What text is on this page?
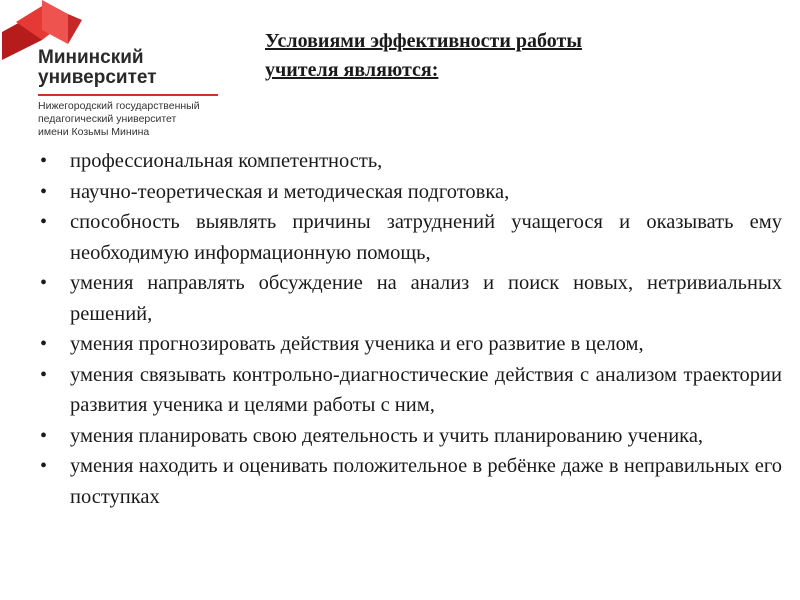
Мининский
университет
Нижегородский государственный
педагогический университет
имени Козьмы Минина
Условиями эффективности работы
учителя являются:
• профессиональная компетентность,
• научно-теоретическая и методическая подготовка,
• способность выявлять причины затруднений учащегося и оказывать ему необходимую информационную помощь,
• умения направлять обсуждение на анализ и поиск новых, нетривиальных решений,
• умения прогнозировать действия ученика и его развитие в целом,
• умения связывать контрольно-диагностические действия с анализом траектории развития ученика и целями работы с ним,
• умения планировать свою деятельность и учить планированию ученика,
• умения находить и оценивать положительное в ребёнке даже в неправильных его поступках
